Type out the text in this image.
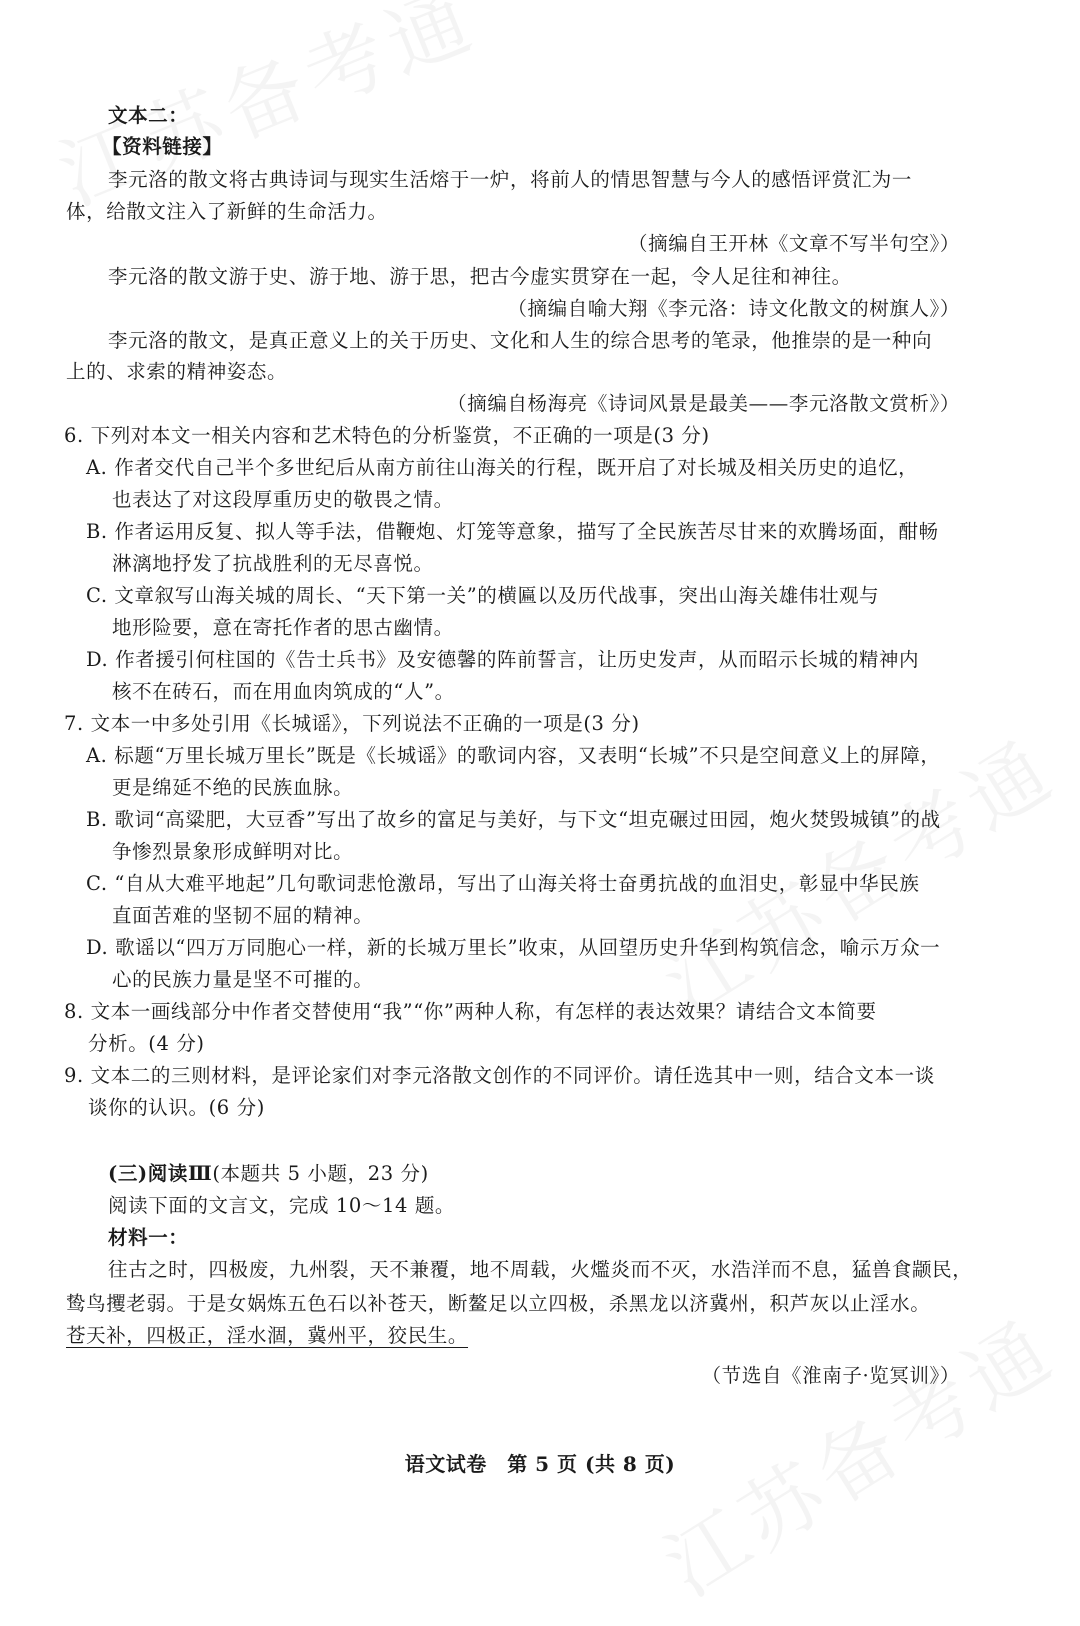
文本二：
【资料链接】
李元洛的散文将古典诗词与现实生活熔于一炉，将前人的情思智慧与今人的感悟评赏汇为一
体，给散文注入了新鲜的生命活力。
（摘编自王开林《文章不写半句空》）
李元洛的散文游于史、游于地、游于思，把古今虚实贯穿在一起，令人足往和神往。
（摘编自喻大翔《李元洛：诗文化散文的树旗人》）
李元洛的散文，是真正意义上的关于历史、文化和人生的综合思考的笔录，他推崇的是一种向
上的、求索的精神姿态。
（摘编自杨海亮《诗词风景是最美——李元洛散文赏析》）
6. 下列对本文一相关内容和艺术特色的分析鉴赏，不正确的一项是(3 分)
A. 作者交代自己半个多世纪后从南方前往山海关的行程，既开启了对长城及相关历史的追忆，
也表达了对这段厚重历史的敬畏之情。
B. 作者运用反复、拟人等手法，借鞭炮、灯笼等意象，描写了全民族苦尽甘来的欢腾场面，酣畅
淋漓地抒发了抗战胜利的无尽喜悦。
C. 文章叙写山海关城的周长、“天下第一关”的横匾以及历代战事，突出山海关雄伟壮观与
地形险要，意在寄托作者的思古幽情。
D. 作者援引何柱国的《告士兵书》及安德馨的阵前誓言，让历史发声，从而昭示长城的精神内
核不在砖石，而在用血肉筑成的“人”。
7. 文本一中多处引用《长城谣》，下列说法不正确的一项是(3 分)
A. 标题“万里长城万里长”既是《长城谣》的歌词内容，又表明“长城”不只是空间意义上的屏障，
更是绵延不绝的民族血脉。
B. 歌词“高粱肥，大豆香”写出了故乡的富足与美好，与下文“坦克碾过田园，炮火焚毁城镇”的战
争惨烈景象形成鲜明对比。
C. “自从大难平地起”几句歌词悲怆激昂，写出了山海关将士奋勇抗战的血泪史，彰显中华民族
直面苦难的坚韧不屈的精神。
D. 歌谣以“四万万同胞心一样，新的长城万里长”收束，从回望历史升华到构筑信念，喻示万众一
心的民族力量是坚不可摧的。
8. 文本一画线部分中作者交替使用“我”“你”两种人称，有怎样的表达效果？请结合文本简要
分析。(4 分)
9. 文本二的三则材料，是评论家们对李元洛散文创作的不同评价。请任选其中一则，结合文本一谈
谈你的认识。(6 分)
(三)阅读Ⅲ(本题共 5 小题，23 分)
阅读下面的文言文，完成 10～14 题。
材料一：
往古之时，四极废，九州裂，天不兼覆，地不周载，火爁炎而不灭，水浩洋而不息，猛兽食颛民，
鸷鸟攫老弱。于是女娲炼五色石以补苍天，断鳌足以立四极，杀黑龙以济冀州，积芦灰以止淫水。
苍天补，四极正，淫水涸，冀州平，狡民生。
（节选自《淮南子·览冥训》）
语文试卷　第 5 页 (共 8 页)
